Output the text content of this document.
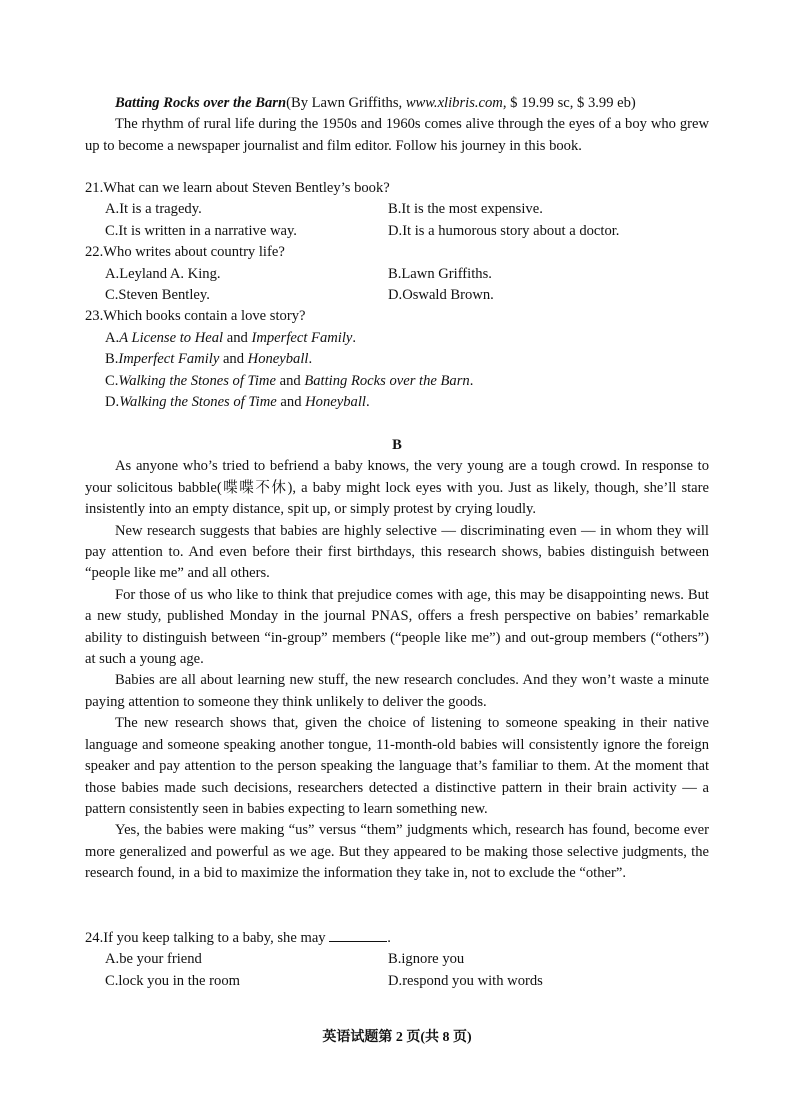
Batting Rocks over the Barn(By Lawn Griffiths, www.xlibris.com, $ 19.99 sc, $ 3.99 eb)

The rhythm of rural life during the 1950s and 1960s comes alive through the eyes of a boy who grew up to become a newspaper journalist and film editor. Follow his journey in this book.

21.What can we learn about Steven Bentley’s book?

A.It is a tragedy.	B.It is the most expensive.
C.It is written in a narrative way.	D.It is a humorous story about a doctor.

22.Who writes about country life?

A.Leyland A. King.	B.Lawn Griffiths.
C.Steven Bentley.	D.Oswald Brown.

23.Which books contain a love story?

A.A License to Heal and Imperfect Family.

B.Imperfect Family and Honeyball.

C.Walking the Stones of Time and Batting Rocks over the Barn.

D.Walking the Stones of Time and Honeyball.

B

As anyone who’s tried to befriend a baby knows, the very young are a tough crowd. In response to your solicitous babble(喋喋不休), a baby might lock eyes with you. Just as likely, though, she’ll stare insistently into an empty distance, spit up, or simply protest by crying loudly.

New research suggests that babies are highly selective — discriminating even — in whom they will pay attention to. And even before their first birthdays, this research shows, babies distinguish between “people like me” and all others.

For those of us who like to think that prejudice comes with age, this may be disappointing news. But a new study, published Monday in the journal PNAS, offers a fresh perspective on babies’ remarkable ability to distinguish between “in-group” members (“people like me”) and out-group members (“others”) at such a young age.

Babies are all about learning new stuff, the new research concludes. And they won’t waste a minute paying attention to someone they think unlikely to deliver the goods.

The new research shows that, given the choice of listening to someone speaking in their native language and someone speaking another tongue, 11-month-old babies will consistently ignore the foreign speaker and pay attention to the person speaking the language that’s familiar to them. At the moment that those babies made such decisions, researchers detected a distinctive pattern in their brain activity — a pattern consistently seen in babies expecting to learn something new.

Yes, the babies were making “us” versus “them” judgments which, research has found, become ever more generalized and powerful as we age. But they appeared to be making those selective judgments, the research found, in a bid to maximize the information they take in, not to exclude the “other”.

24.If you keep talking to a baby, she may	.

A.be your friend	B.ignore you
C.lock you in the room	D.respond you with words
英语试题第 2 页(共 8 页)
